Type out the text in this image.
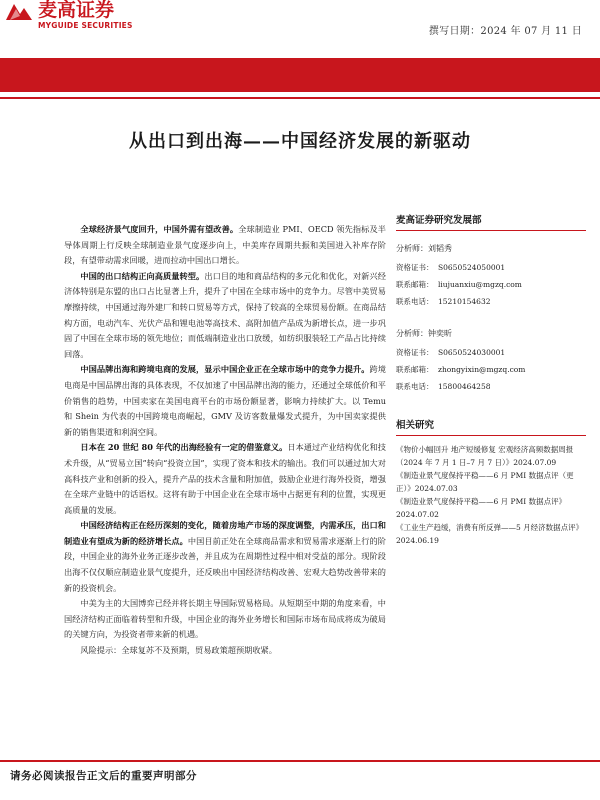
麦高证券
MYGUIDE SECURITIES
撰写日期：2024 年 07 月 11 日
从出口到出海——中国经济发展的新驱动

全球经济景气度回升，中国外需有望改善。全球制造业 PMI、OECD 领先指标及半导体周期上行反映全球制造业景气度逐步向上，中美库存周期共振和美国进入补库存阶段，有望带动需求回暖，进而拉动中国出口增长。

中国的出口结构正向高质量转型。出口目的地和商品结构的多元化和优化，对新兴经济体特别是东盟的出口占比显著上升，提升了中国在全球市场中的竞争力。尽管中美贸易摩擦持续，中国通过海外建厂和转口贸易等方式，保持了较高的全球贸易份额。在商品结构方面，电动汽车、光伏产品和锂电池等高技术、高附加值产品成为新增长点，进一步巩固了中国在全球市场的领先地位；而低端制造业出口放缓，如纺织服装轻工产品占比持续回落。

中国品牌出海和跨境电商的发展，显示中国企业正在全球市场中的竞争力提升。跨境电商是中国品牌出海的具体表现，不仅加速了中国品牌出海的能力，还通过全球低价和平价销售的趋势，中国卖家在美国电商平台的市场份额显著，影响力持续扩大。以 Temu 和 Shein 为代表的中国跨境电商崛起，GMV 及访客数量爆发式提升，为中国卖家提供新的销售渠道和利润空间。

日本在 20 世纪 80 年代的出海经验有一定的借鉴意义。日本通过产业结构优化和技术升级，从“贸易立国”转向“投资立国”，实现了资本和技术的输出。我们可以通过加大对高科技产业和创新的投入，提升产品的技术含量和附加值，鼓励企业进行海外投资，增强在全球产业链中的话语权。这将有助于中国企业在全球市场中占据更有利的位置，实现更高质量的发展。

中国经济结构正在经历深刻的变化，随着房地产市场的深度调整，内需承压，出口和制造业有望成为新的经济增长点。中国目前正处在全球商品需求和贸易需求逐渐上行的阶段，中国企业的海外业务正逐步改善，并且成为在周期性过程中相对受益的部分。现阶段出海不仅仅顺应制造业景气度提升，还反映出中国经济结构改善、宏观大趋势改善带来的新的投资机会。

中美为主的大国博弈已经并将长期主导国际贸易格局。从短期至中期的角度来看，中国经济结构正面临着转型和升级，中国企业的海外业务增长和国际市场布局成将成为破局的关键方向，为投资者带来新的机遇。

风险提示：全球复苏不及预期，贸易政策超预期收紧。

麦高证券研究发展部
分析师：刘韬秀
资格证书： S0650524050001
联系邮箱： liujuanxiu@mgzq.com
联系电话： 15210154632
分析师：钟奕昕
资格证书： S0650524030001
联系邮箱： zhongyixin@mgzq.com
联系电话： 15800464258
相关研究
《物价小幅回升 地产短缓修复 宏观经济高频数据周报（2024 年 7 月 1 日–7 月 7 日）》2024.07.09
《制造业景气度保持平稳——6 月 PMI 数据点评（更正）》2024.07.03
《制造业景气度保持平稳——6 月 PMI 数据点评》2024.07.02
《工业生产趋缓，消费有所反弹——5 月经济数据点评》2024.06.19
请务必阅读报告正文后的重要声明部分
